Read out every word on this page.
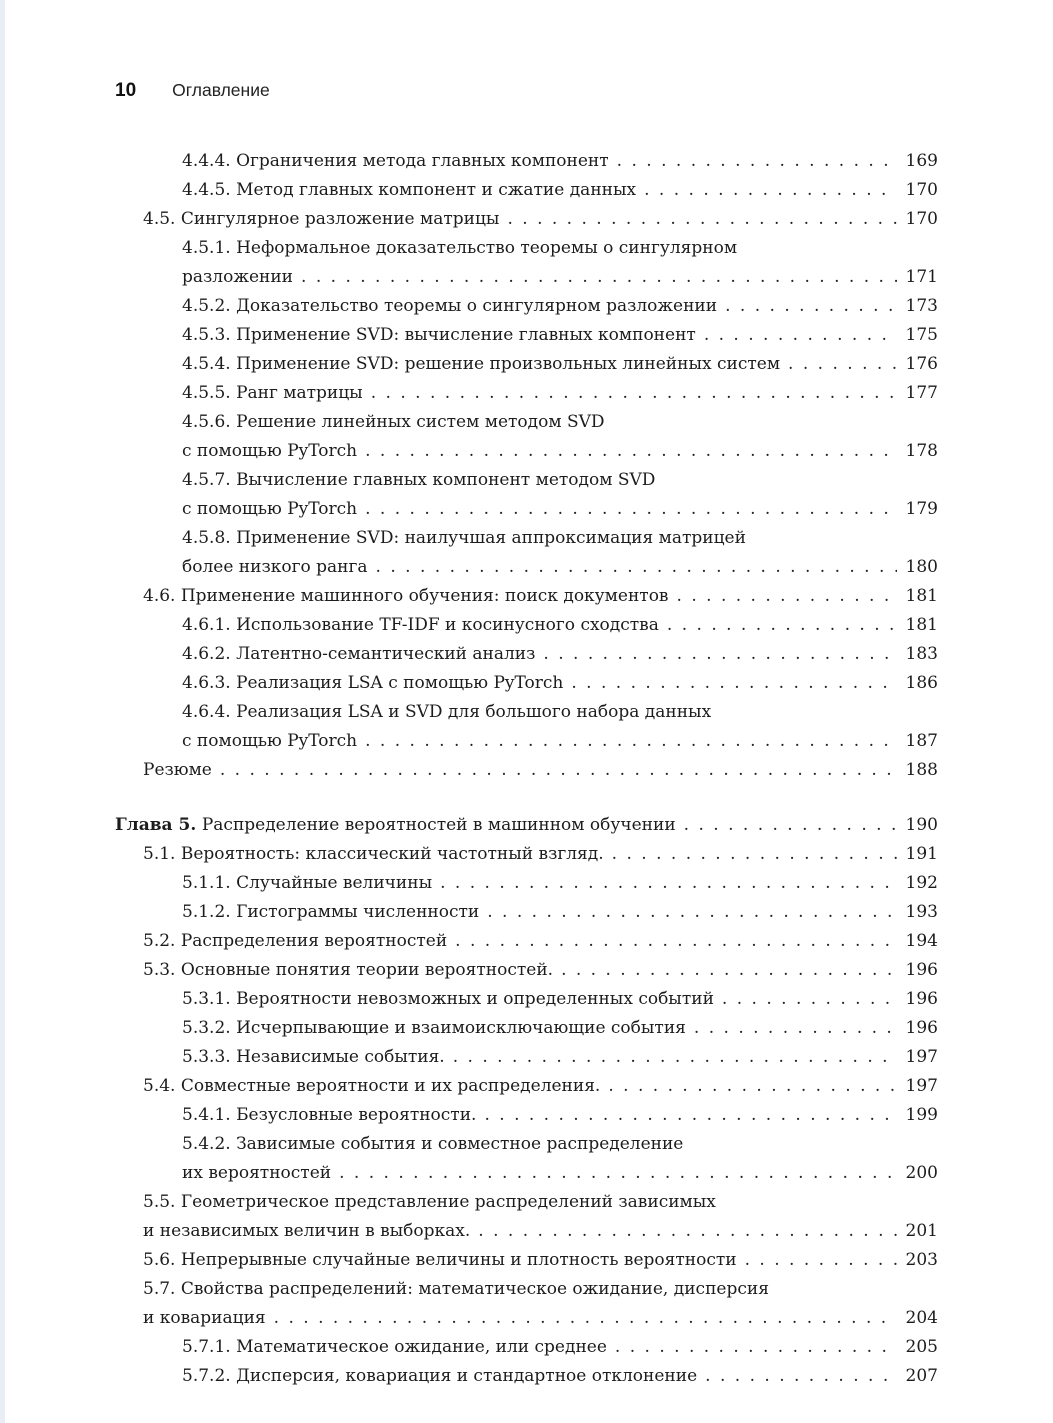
10 Оглавление
4.4.4. Ограничения метода главных компонент . . .	169
4.4.5. Метод главных компонент и сжатие данных . . .	170
4.5. Сингулярное разложение матрицы . . .	170
4.5.1. Неформальное доказательство теоремы о сингулярном
разложении . . .	171
4.5.2. Доказательство теоремы о сингулярном разложении . . .	173
4.5.3. Применение SVD: вычисление главных компонент . . .	175
4.5.4. Применение SVD: решение произвольных линейных систем . . .	176
4.5.5. Ранг матрицы . . .	177
4.5.6. Решение линейных систем методом SVD
с помощью PyTorch . . .	178
4.5.7. Вычисление главных компонент методом SVD
с помощью PyTorch . . .	179
4.5.8. Применение SVD: наилучшая аппроксимация матрицей
более низкого ранга . . .	180
4.6. Применение машинного обучения: поиск документов . . .	181
4.6.1. Использование TF-IDF и косинусного сходства . . .	181
4.6.2. Латентно-семантический анализ . . .	183
4.6.3. Реализация LSA с помощью PyTorch . . .	186
4.6.4. Реализация LSA и SVD для большого набора данных
с помощью PyTorch . . .	187
Резюме . . .	188
Глава 5. Распределение вероятностей в машинном обучении . . .	190
5.1. Вероятность: классический частотный взгляд. . . .	191
5.1.1. Случайные величины . . .	192
5.1.2. Гистограммы численности . . .	193
5.2. Распределения вероятностей . . .	194
5.3. Основные понятия теории вероятностей. . . .	196
5.3.1. Вероятности невозможных и определенных событий . . .	196
5.3.2. Исчерпывающие и взаимоисключающие события . . .	196
5.3.3. Независимые события. . . .	197
5.4. Совместные вероятности и их распределения. . . .	197
5.4.1. Безусловные вероятности. . . .	199
5.4.2. Зависимые события и совместное распределение
их вероятностей . . .	200
5.5. Геометрическое представление распределений зависимых
и независимых величин в выборках. . . .	201
5.6. Непрерывные случайные величины и плотность вероятности . . .	203
5.7. Свойства распределений: математическое ожидание, дисперсия
и ковариация . . .	204
5.7.1. Математическое ожидание, или среднее . . .	205
5.7.2. Дисперсия, ковариация и стандартное отклонение . . .	207
